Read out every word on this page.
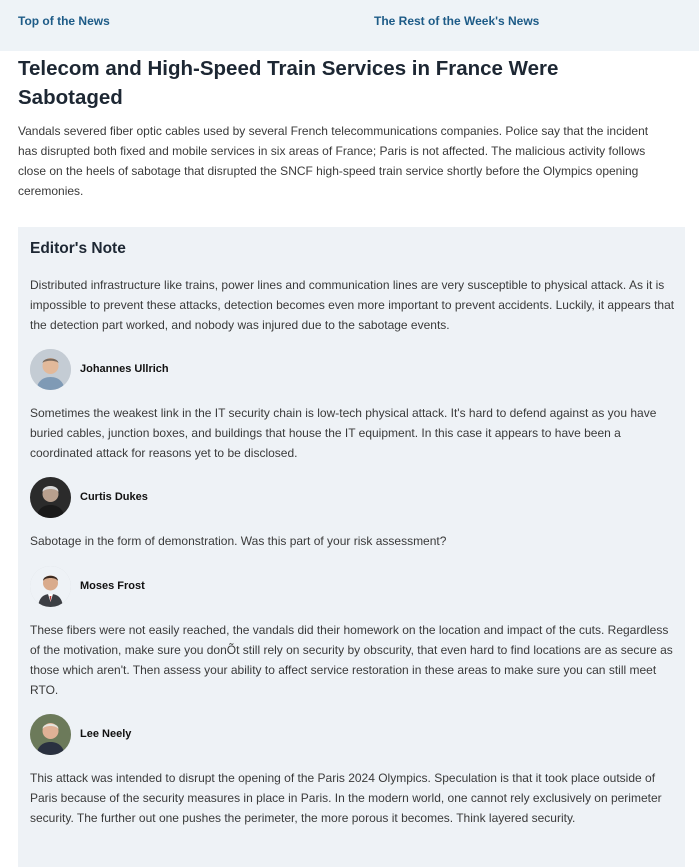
Top of the News	The Rest of the Week's News
Telecom and High-Speed Train Services in France Were Sabotaged

Vandals severed fiber optic cables used by several French telecommunications companies. Police say that the incident has disrupted both fixed and mobile services in six areas of France; Paris is not affected. The malicious activity follows close on the heels of sabotage that disrupted the SNCF high-speed train service shortly before the Olympics opening ceremonies.

Editor's Note

Distributed infrastructure like trains, power lines and communication lines are very susceptible to physical attack. As it is impossible to prevent these attacks, detection becomes even more important to prevent accidents. Luckily, it appears that the detection part worked, and nobody was injured due to the sabotage events.

Johannes Ullrich

Sometimes the weakest link in the IT security chain is low-tech physical attack. It's hard to defend against as you have buried cables, junction boxes, and buildings that house the IT equipment. In this case it appears to have been a coordinated attack for reasons yet to be disclosed.

Curtis Dukes

Sabotage in the form of demonstration. Was this part of your risk assessment?

Moses Frost

These fibers were not easily reached, the vandals did their homework on the location and impact of the cuts. Regardless of the motivation, make sure you donÕt still rely on security by obscurity, that even hard to find locations are as secure as those which aren't. Then assess your ability to affect service restoration in these areas to make sure you can still meet RTO.

Lee Neely

This attack was intended to disrupt the opening of the Paris 2024 Olympics. Speculation is that it took place outside of Paris because of the security measures in place in Paris. In the modern world, one cannot rely exclusively on perimeter security. The further out one pushes the perimeter, the more porous it becomes. Think layered security.
